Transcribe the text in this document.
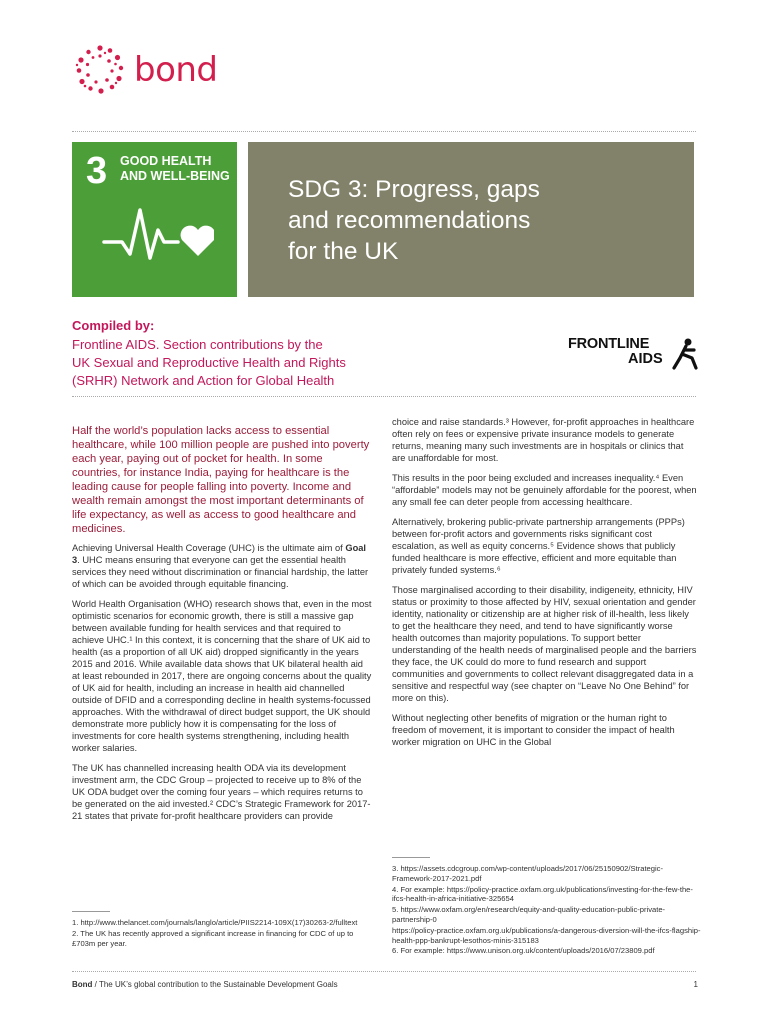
bond
3 GOOD HEALTH
AND WELL-BEING SDG 3: Progress, gaps
and recommendations
for the UK
Compiled by:
Frontline AIDS. Section contributions by the
UK Sexual and Reproductive Health and Rights
(SRHR) Network and Action for Global Health
FRONTLINE
AIDS

Half the world’s population lacks access to essential healthcare, while 100 million people are pushed into poverty each year, paying out of pocket for health. In some countries, for instance India, paying for healthcare is the leading cause for people falling into poverty. Income and wealth remain amongst the most important determinants of life expectancy, as well as access to good healthcare and medicines.

Achieving Universal Health Coverage (UHC) is the ultimate aim of Goal 3. UHC means ensuring that everyone can get the essential health services they need without discrimination or financial hardship, the latter of which can be avoided through equitable financing.

World Health Organisation (WHO) research shows that, even in the most optimistic scenarios for economic growth, there is still a massive gap between available funding for health services and that required to achieve UHC.¹ In this context, it is concerning that the share of UK aid to health (as a proportion of all UK aid) dropped significantly in the years 2015 and 2016. While available data shows that UK bilateral health aid at least rebounded in 2017, there are ongoing concerns about the quality of UK aid for health, including an increase in health aid channelled outside of DFID and a corresponding decline in health systems-focussed approaches. With the withdrawal of direct budget support, the UK should demonstrate more publicly how it is compensating for the loss of investments for core health systems strengthening, including health worker salaries.

The UK has channelled increasing health ODA via its development investment arm, the CDC Group – projected to receive up to 8% of the UK ODA budget over the coming four years – which requires returns to be generated on the aid invested.² CDC’s Strategic Framework for 2017-21 states that private for-profit healthcare providers can provide

1. http://www.thelancet.com/journals/langlo/article/PIIS2214-109X(17)30263-2/fulltext
2. The UK has recently approved a significant increase in financing for CDC of up to £703m per year.

choice and raise standards.³ However, for-profit approaches in healthcare often rely on fees or expensive private insurance models to generate returns, meaning many such investments are in hospitals or clinics that are unaffordable for most.

This results in the poor being excluded and increases inequality.⁴ Even “affordable” models may not be genuinely affordable for the poorest, when any small fee can deter people from accessing healthcare.

Alternatively, brokering public-private partnership arrangements (PPPs) between for-profit actors and governments risks significant cost escalation, as well as equity concerns.⁵ Evidence shows that publicly funded healthcare is more effective, efficient and more equitable than privately funded systems.⁶

Those marginalised according to their disability, indigeneity, ethnicity, HIV status or proximity to those affected by HIV, sexual orientation and gender identity, nationality or citizenship are at higher risk of ill-health, less likely to get the healthcare they need, and tend to have significantly worse health outcomes than majority populations. To support better understanding of the health needs of marginalised people and the barriers they face, the UK could do more to fund research and support communities and governments to collect relevant disaggregated data in a sensitive and respectful way (see chapter on “Leave No One Behind” for more on this).

Without neglecting other benefits of migration or the human right to freedom of movement, it is important to consider the impact of health worker migration on UHC in the Global

3. https://assets.cdcgroup.com/wp-content/uploads/2017/06/25150902/Strategic-Framework-2017-2021.pdf
4. For example: https://policy-practice.oxfam.org.uk/publications/investing-for-the-few-the-ifcs-health-in-africa-initiative-325654
5. https://www.oxfam.org/en/research/equity-and-quality-education-public-private-partnership-0
https://policy-practice.oxfam.org.uk/publications/a-dangerous-diversion-will-the-ifcs-flagship-health-ppp-bankrupt-lesothos-minis-315183
6. For example: https://www.unison.org.uk/content/uploads/2016/07/23809.pdf
Bond / The UK’s global contribution to the Sustainable Development Goals	1
